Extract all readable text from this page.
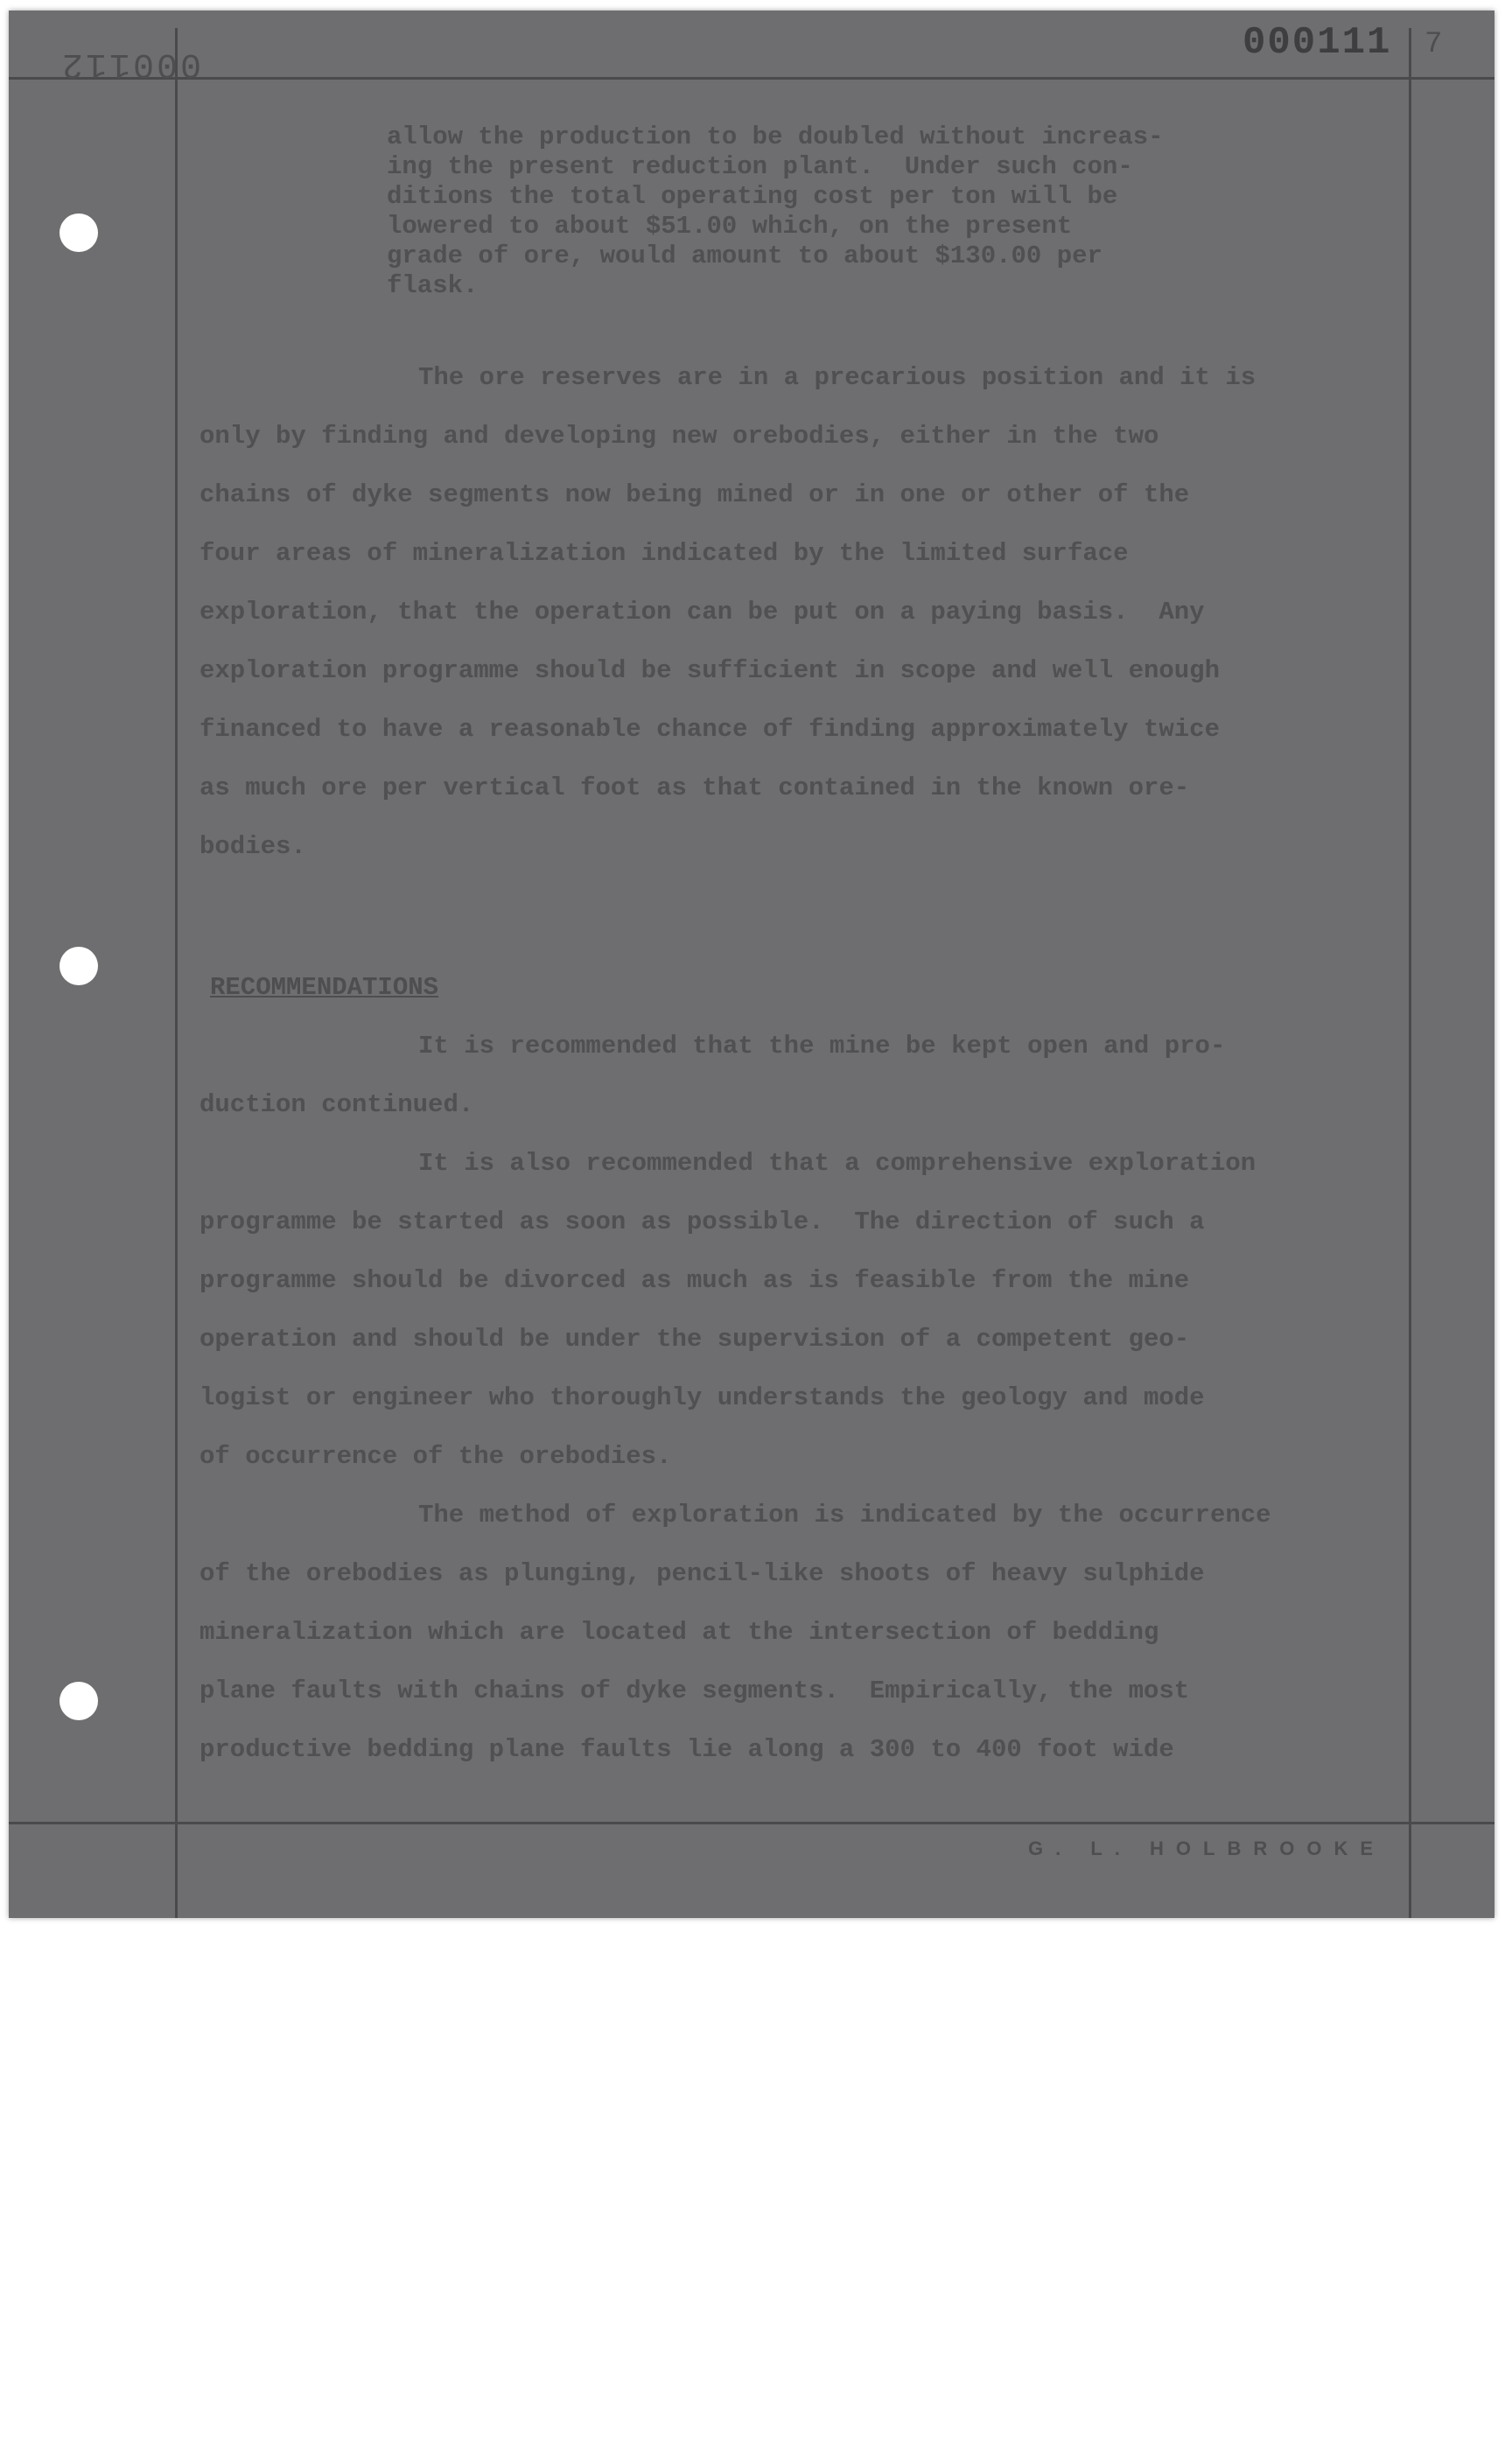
000112	000111 7
allow the production to be doubled without increas-
ing the present reduction plant.  Under such con-
ditions the total operating cost per ton will be
lowered to about $51.00 which, on the present
grade of ore, would amount to about $130.00 per
flask.
The ore reserves are in a precarious position and it is
only by finding and developing new orebodies, either in the two
chains of dyke segments now being mined or in one or other of the
four areas of mineralization indicated by the limited surface
exploration, that the operation can be put on a paying basis.  Any
exploration programme should be sufficient in scope and well enough
financed to have a reasonable chance of finding approximately twice
as much ore per vertical foot as that contained in the known ore-
bodies.
RECOMMENDATIONS
It is recommended that the mine be kept open and pro-
duction continued.
It is also recommended that a comprehensive exploration
programme be started as soon as possible.  The direction of such a
programme should be divorced as much as is feasible from the mine
operation and should be under the supervision of a competent geo-
logist or engineer who thoroughly understands the geology and mode
of occurrence of the orebodies.
The method of exploration is indicated by the occurrence
of the orebodies as plunging, pencil-like shoots of heavy sulphide
mineralization which are located at the intersection of bedding
plane faults with chains of dyke segments.  Empirically, the most
productive bedding plane faults lie along a 300 to 400 foot wide
G. L. HOLBROOKE
